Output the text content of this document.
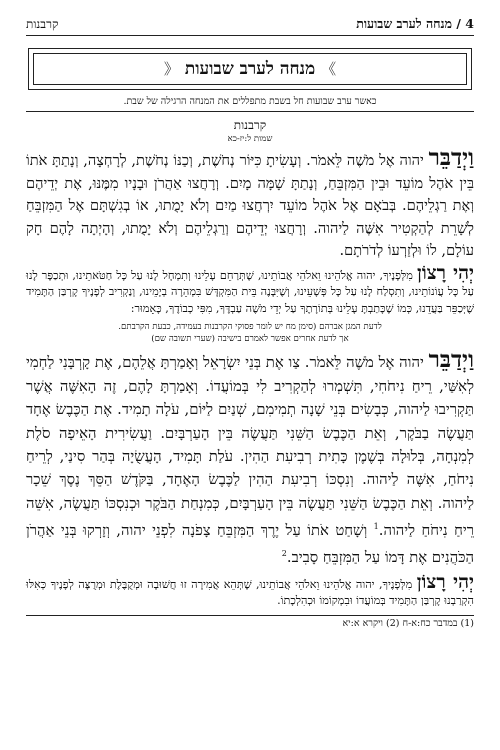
4 / מנחה לערב שבועות
קרבנות
》 מנחה לערב שבועות 《
כאשר ערב שבועות חל בשבת מתפללים את המנחה הרגילה של שבת.
קרבנות
שמות ל:יז-כא
וַיְדַבֵּר יהוה אֶל מֹשֶׁה לֵּאמֹר. וְעָשִׂיתָ כִּיּוֹר נְחֹשֶׁת, וְכַנּוֹ נְחֹשֶׁת, לְרָחְצָה, וְנָתַתָּ אֹתוֹ בֵּין אֹהֶל מוֹעֵד וּבֵין הַמִּזְבֵּחַ, וְנָתַתָּ שָׁמָּה מָיִם. וְרָחֲצוּ אַהֲרֹן וּבָנָיו מִמֶּנּוּ, אֶת יְדֵיהֶם וְאֶת רַגְלֵיהֶם. בְּבֹאָם אֶל אֹהֶל מוֹעֵד יִרְחֲצוּ מַיִם וְלֹא יָמֻתוּ, אוֹ בְגִשְׁתָּם אֶל הַמִּזְבֵּחַ לְשָׁרֵת לְהַקְטִיר אִשֶּׁה לַיהוה. וְרָחֲצוּ יְדֵיהֶם וְרַגְלֵיהֶם וְלֹא יָמֻתוּ, וְהָיְתָה לָהֶם חָק עוֹלָם, לוֹ וּלְזַרְעוֹ לְדֹרֹתָם.
יְהִי רָצוֹן מִלְּפָנֶיךָ, יהוה אֱלֹהֵינוּ וֵאלֹהֵי אֲבוֹתֵינוּ, שֶׁתְּרַחֵם עָלֵינוּ וְתִמְחָל לָנוּ עַל כָּל חַטֹּאתֵינוּ, וּתְכַפֶּר לָנוּ עַל כָּל עֲוֹנוֹתֵינוּ, וְתִסְלַח לָנוּ עַל כָּל פְּשָׁעֵינוּ, וְשֶׁיִּבָּנֶה בֵּית הַמִּקְדָּשׁ בִּמְהֵרָה בְיָמֵינוּ, וְנַקְרִיב לְפָנֶיךָ קָרְבַּן הַתָּמִיד שֶׁיְּכַפֵּר בַּעֲדֵנוּ, כְּמוֹ שֶׁכָּתַבְתָּ עָלֵינוּ בְּתוֹרָתֶךָ עַל יְדֵי מֹשֶׁה עַבְדֶּךָ, מִפִּי כְבוֹדֶךָ, כָּאָמוּר:
לדעת המגן אברהם (סימן מח יש לומר פסוקי הקרבנות בעמידה, כבעת הקרבתם.
אך לדעת אחרים אפשר לאמרם בישיבה (שערי תשובה שם)
וַיְדַבֵּר יהוה אֶל מֹשֶׁה לֵּאמֹר. צַו אֶת בְּנֵי יִשְׂרָאֵל וְאָמַרְתָּ אֲלֵהֶם, אֶת קָרְבָּנִי לַחְמִי לְאִשַּׁי, רֵיחַ נִיחֹחִי, תִּשְׁמְרוּ לְהַקְרִיב לִי בְּמוֹעֲדוֹ. וְאָמַרְתָּ לָהֶם, זֶה הָאִשֶּׁה אֲשֶׁר תַּקְרִיבוּ לַיהוה, כְּבָשִׂים בְּנֵי שָׁנָה תְמִימִם, שְׁנַיִם לַיּוֹם, עֹלָה תָמִיד. אֶת הַכֶּבֶשׂ אֶחָד תַּעֲשֶׂה בַבֹּקֶר, וְאֵת הַכֶּבֶשׂ הַשֵּׁנִי תַּעֲשֶׂה בֵּין הָעַרְבָּיִם. וַעֲשִׂירִית הָאֵיפָה סֹלֶת לְמִנְחָה, בְּלוּלָה בְּשֶׁמֶן כָּתִית רְבִיעִת הַהִין. עֹלַת תָּמִיד, הָעֲשֻׂיָה בְּהַר סִינַי, לְרֵיחַ נִיחֹחַ, אִשֶּׁה לַיהוה. וְנִסְכּוֹ רְבִיעִת הַהִין לַכֶּבֶשׂ הָאֶחָד, בַּקֹּדֶשׁ הַסֵּךְ נֶסֶךְ שֵׁכָר לַיהוה. וְאֵת הַכֶּבֶשׂ הַשֵּׁנִי תַּעֲשֶׂה בֵּין הָעַרְבָּיִם, כְּמִנְחַת הַבֹּקֶר וּכְנִסְכּוֹ תַּעֲשֶׂה, אִשֵּׁה רֵיחַ נִיחֹחַ לַיהוה.$^1$ וְשָׁחַט אֹתוֹ עַל יֶרֶךְ הַמִּזְבֵּחַ צָפֹנָה לִפְנֵי יהוה, וְזָרְקוּ בְּנֵי אַהֲרֹן הַכֹּהֲנִים אֶת דָּמוֹ עַל הַמִּזְבֵּחַ סָבִיב.$^2$
יְהִי רָצוֹן מִלְּפָנֶיךָ, יהוה אֱלֹהֵינוּ וֵאלֹהֵי אֲבוֹתֵינוּ, שֶׁתְּהֵא אֲמִירָה זוּ חֲשׁוּבָה וּמְקֻבֶּלֶת וּמְרֻצָּה לְפָנֶיךָ כְּאִלּוּ הִקְרַבְנוּ קָרְבַּן הַתָּמִיד בְּמוֹעֲדוֹ וּבִמְקוֹמוֹ וּכְהִלְכָתוֹ.
(1) במדבר כח:א-ח (2) ויקרא א:יא
